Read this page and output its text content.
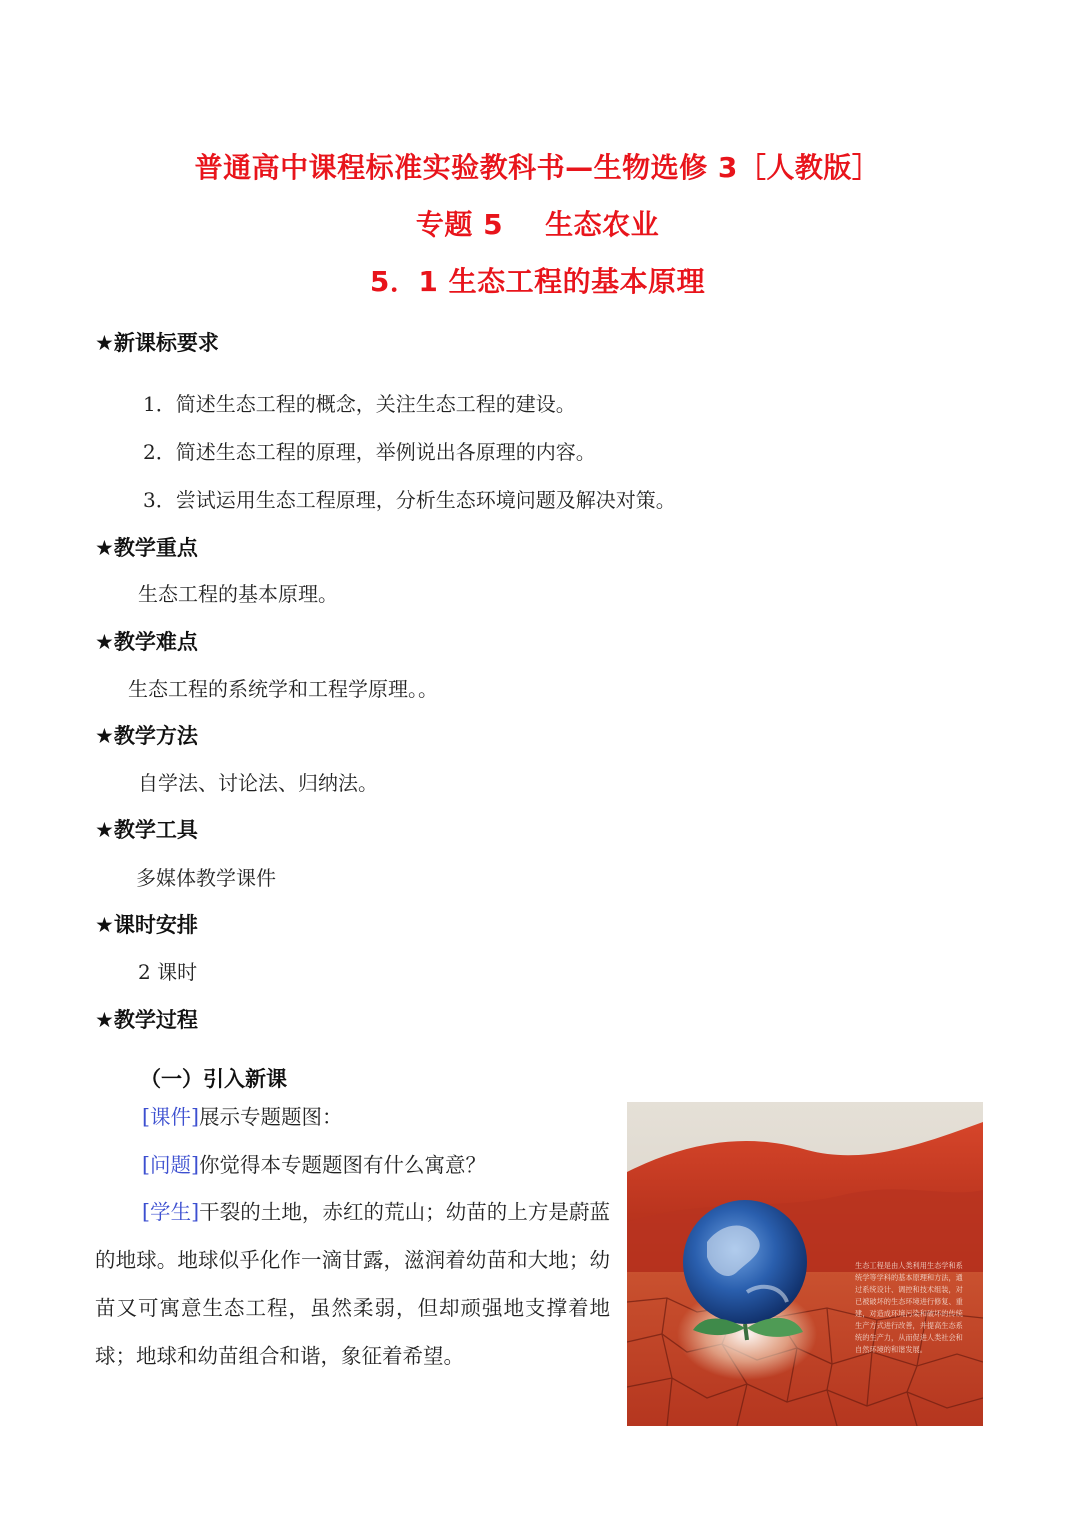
普通高中课程标准实验教科书—生物选修 3［人教版］
专题 5 生态农业
5．1 生态工程的基本原理
★新课标要求
1．简述生态工程的概念，关注生态工程的建设。
2．简述生态工程的原理，举例说出各原理的内容。
3．尝试运用生态工程原理，分析生态环境问题及解决对策。
★教学重点
生态工程的基本原理。
★教学难点
生态工程的系统学和工程学原理。。
★教学方法
自学法、讨论法、归纳法。
★教学工具
多媒体教学课件
★课时安排
2 课时
★教学过程
（一）引入新课
[课件]展示专题题图：
[问题]你觉得本专题题图有什么寓意？
[学生]干裂的土地，赤红的荒山；幼苗的上方是蔚蓝的地球。地球似乎化作一滴甘露，滋润着幼苗和大地；幼苗又可寓意生态工程，虽然柔弱，但却顽强地支撑着地球；地球和幼苗组合和谐，象征着希望。
生态工程是由人类利用生态学和系
统学等学科的基本原理和方法，通
过系统设计、调控和技术组装，对
已被破坏的生态环境进行修复、重
建，对造成环境污染和破坏的传统
生产方式进行改善，并提高生态系
统的生产力，从而促进人类社会和
自然环境的和谐发展。
